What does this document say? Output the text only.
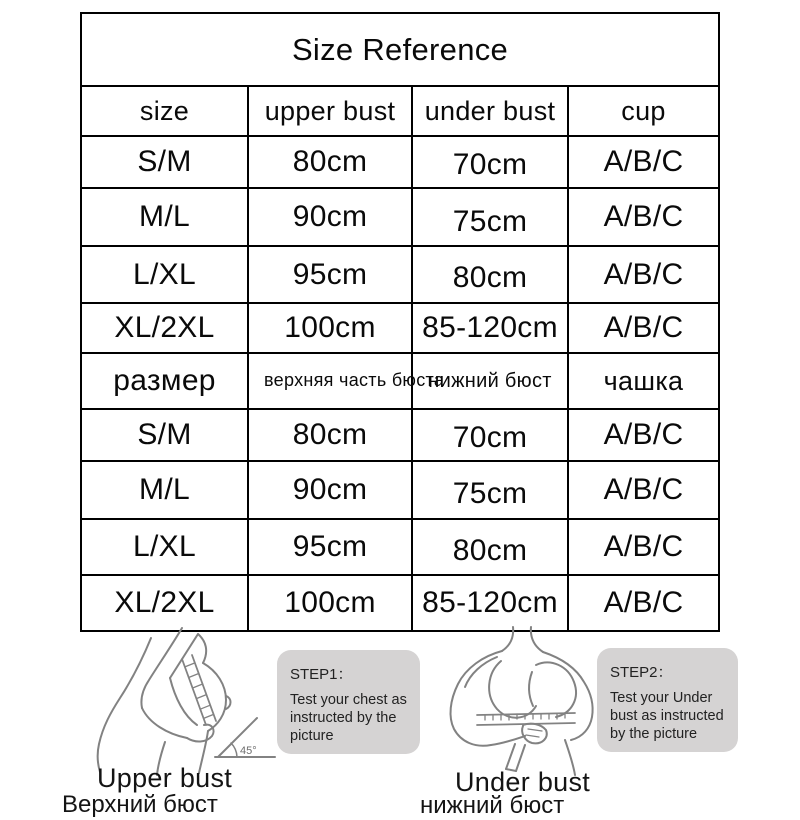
Size Reference			
size	upper bust	under bust	cup
S/M	80cm	70cm	A/B/C
M/L	90cm	75cm	A/B/C
L/XL	95cm	80cm	A/B/C
XL/2XL	100cm	85-120cm	A/B/C
размер	верхняя часть бюста	нижний бюст	чашка
S/M	80cm	70cm	A/B/C
M/L	90cm	75cm	A/B/C
L/XL	95cm	80cm	A/B/C
XL/2XL	100cm	85-120cm	A/B/C
45°
STEP1：
Test your chest as instructed by the picture
STEP2：
Test your Under bust as instructed by the picture
Upper bust	Under bust
Верхний бюст	нижний бюст
